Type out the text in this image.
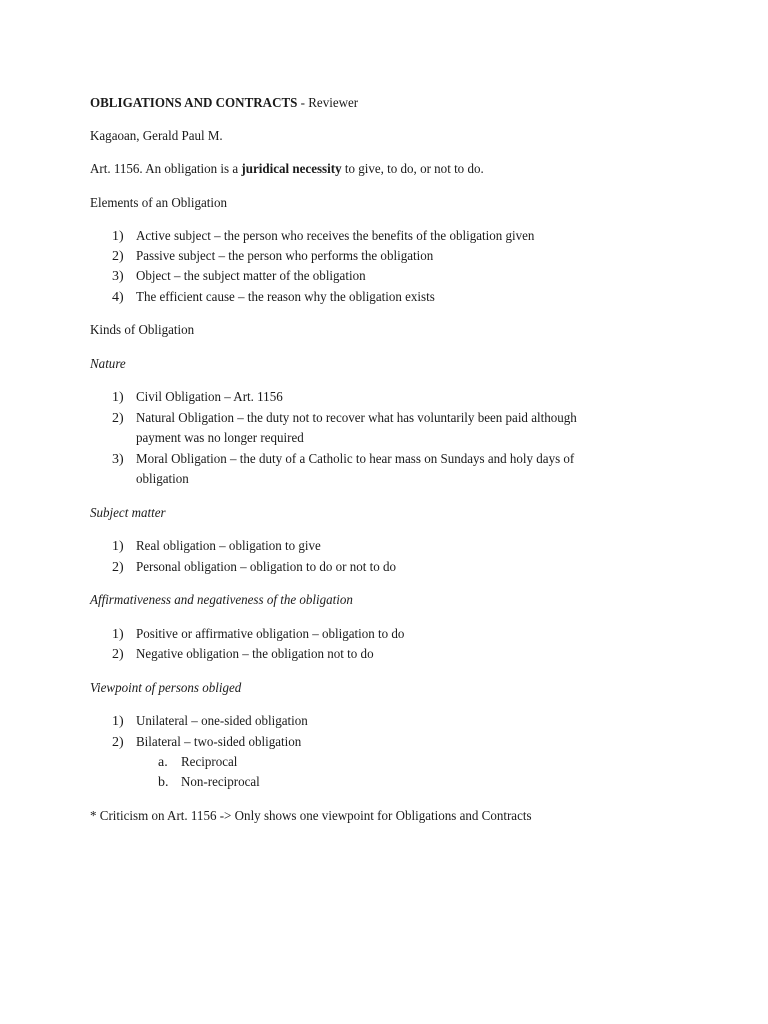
OBLIGATIONS AND CONTRACTS - Reviewer
Kagaoan, Gerald Paul M.
Art. 1156. An obligation is a juridical necessity to give, to do, or not to do.
Elements of an Obligation
1) Active subject – the person who receives the benefits of the obligation given
2) Passive subject – the person who performs the obligation
3) Object – the subject matter of the obligation
4) The efficient cause – the reason why the obligation exists
Kinds of Obligation
Nature
1) Civil Obligation – Art. 1156
2) Natural Obligation – the duty not to recover what has voluntarily been paid although
payment was no longer required
3) Moral Obligation – the duty of a Catholic to hear mass on Sundays and holy days of
obligation
Subject matter
1) Real obligation – obligation to give
2) Personal obligation – obligation to do or not to do
Affirmativeness and negativeness of the obligation
1) Positive or affirmative obligation – obligation to do
2) Negative obligation – the obligation not to do
Viewpoint of persons obliged
1) Unilateral – one-sided obligation
2) Bilateral – two-sided obligation
a. Reciprocal
b. Non-reciprocal
* Criticism on Art. 1156 -> Only shows one viewpoint for Obligations and Contracts
